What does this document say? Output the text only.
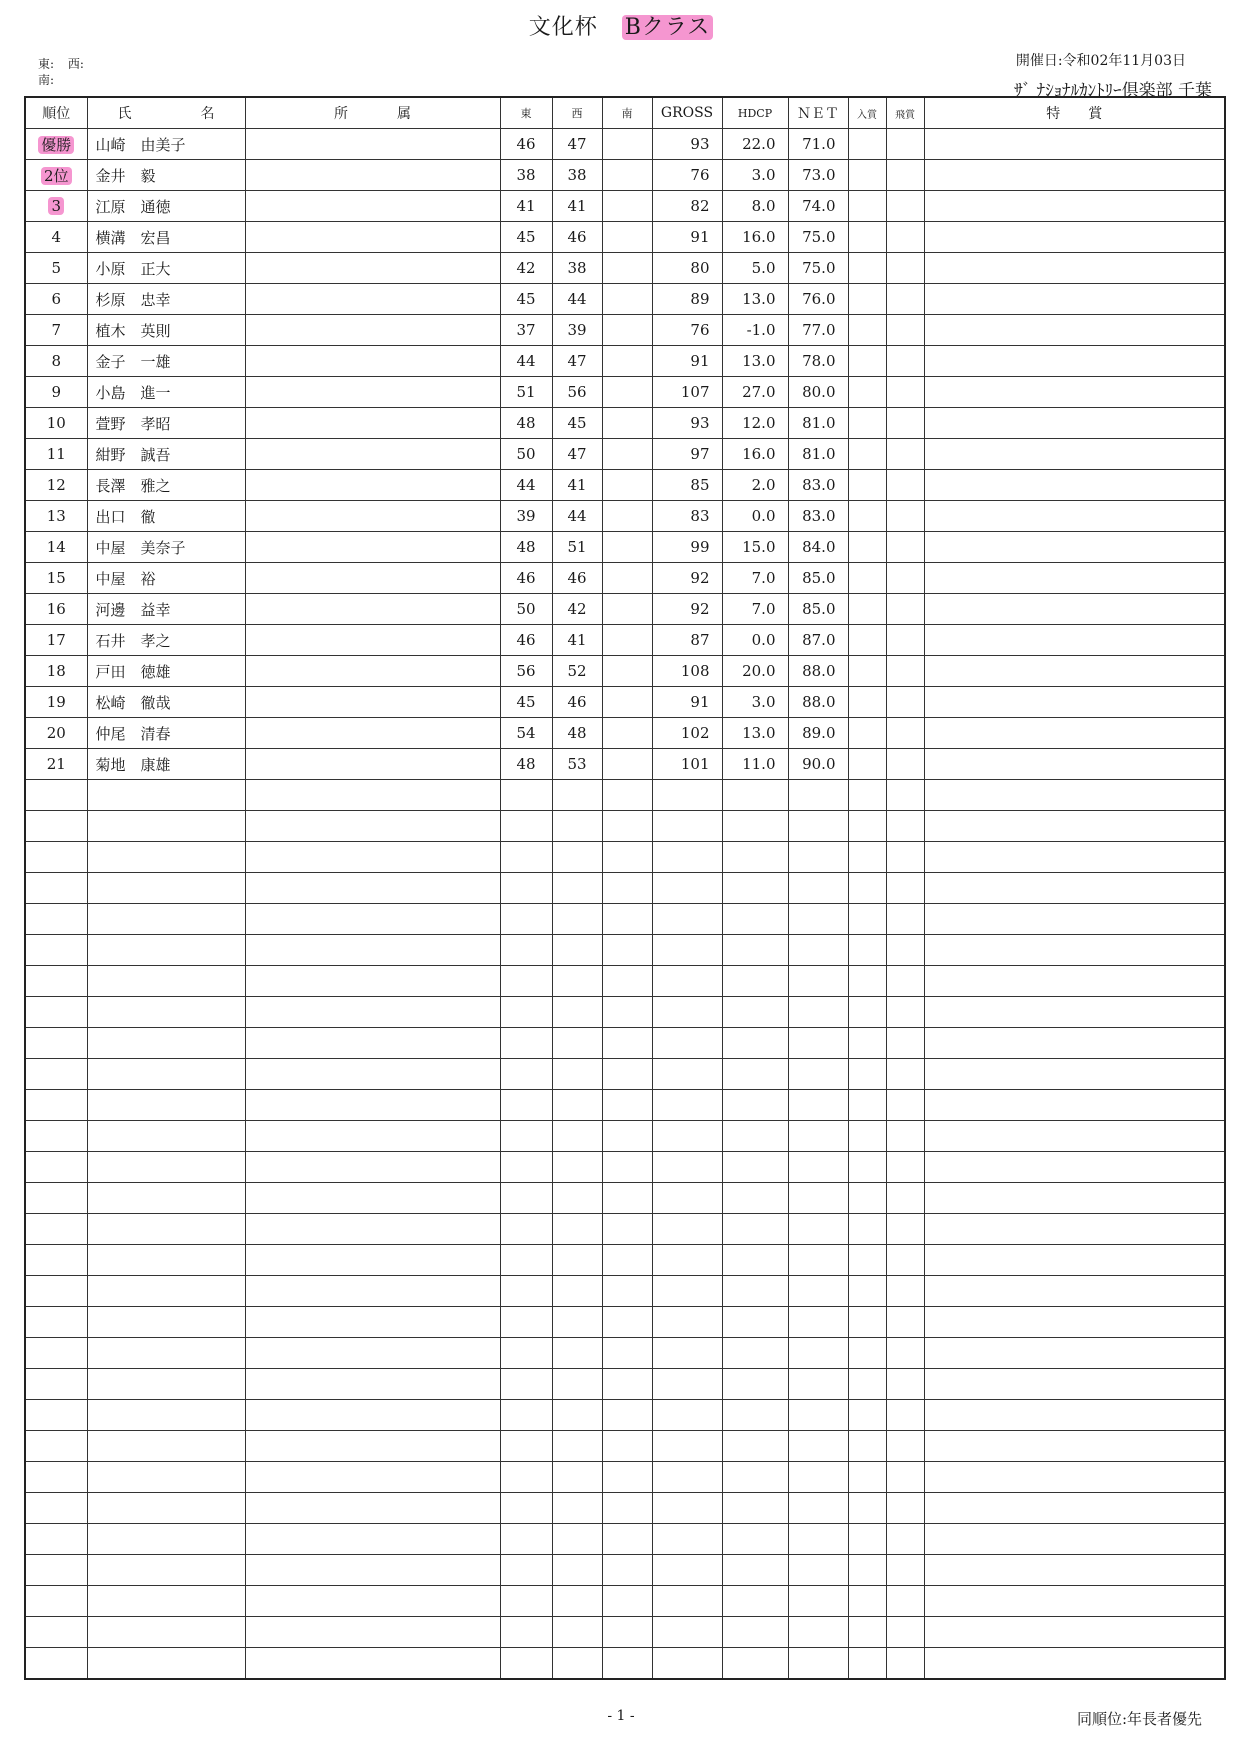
文化杯 Bクラス
東: 西:
南:
開催日:令和02年11月03日
ｻﾞ ﾅｼｮﾅﾙｶﾝﾄﾘｰ倶楽部 千葉
順位	氏 名	所 属	東	西	南	GROSS	HDCP	ＮＥＴ	入賞	飛賞	特　　賞
優勝	山崎　由美子		46	47		93	22.0	71.0			
2位	金井　毅		38	38		76	3.0	73.0			
3	江原　通徳		41	41		82	8.0	74.0			
4	横溝　宏昌		45	46		91	16.0	75.0			
5	小原　正大		42	38		80	5.0	75.0			
6	杉原　忠幸		45	44		89	13.0	76.0			
7	植木　英則		37	39		76	-1.0	77.0			
8	金子　一雄		44	47		91	13.0	78.0			
9	小島　進一		51	56		107	27.0	80.0			
10	萱野　孝昭		48	45		93	12.0	81.0			
11	紺野　誠吾		50	47		97	16.0	81.0			
12	長澤　雅之		44	41		85	2.0	83.0			
13	出口　徹		39	44		83	0.0	83.0			
14	中屋　美奈子		48	51		99	15.0	84.0			
15	中屋　裕		46	46		92	7.0	85.0			
16	河邊　益幸		50	42		92	7.0	85.0			
17	石井　孝之		46	41		87	0.0	87.0			
18	戸田　徳雄		56	52		108	20.0	88.0			
19	松崎　徹哉		45	46		91	3.0	88.0			
20	仲尾　清春		54	48		102	13.0	89.0			
21	菊地　康雄		48	53		101	11.0	90.0			

- 1 -	同順位:年長者優先
